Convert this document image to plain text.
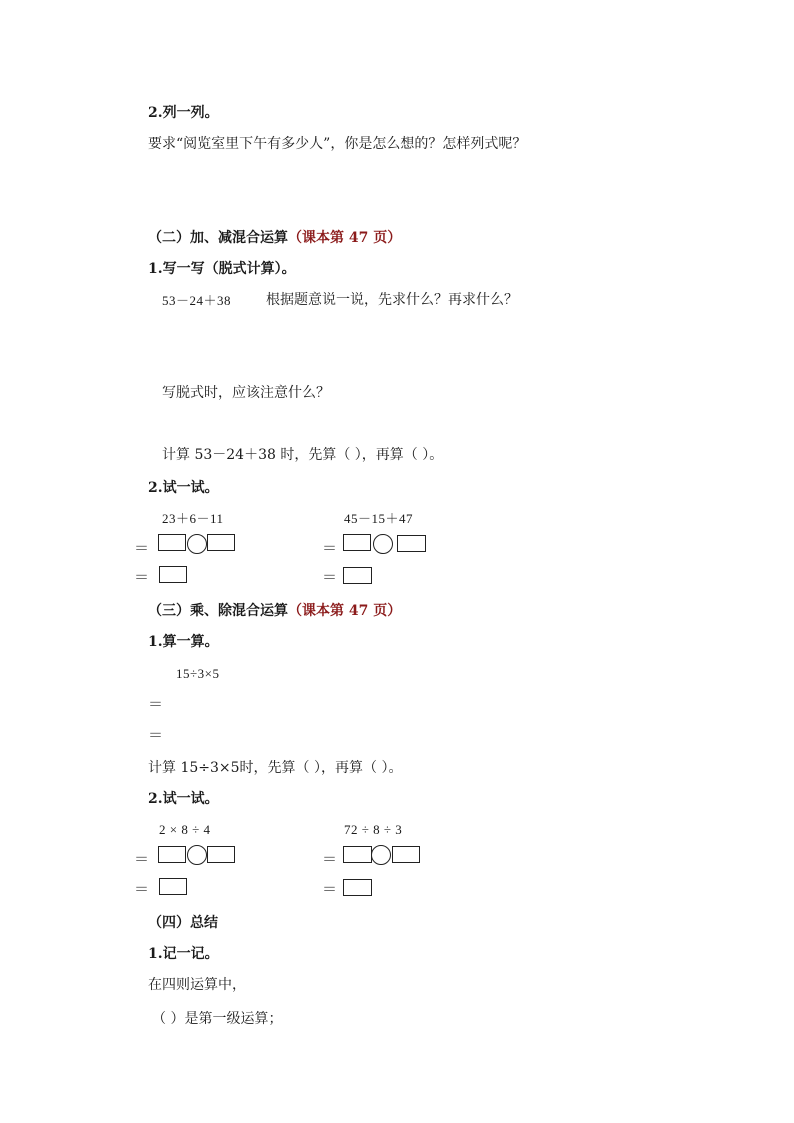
2.列一列。
要求“阅览室里下午有多少人”，你是怎么想的？怎样列式呢？
（二）加、减混合运算（课本第 47 页）
1.写一写（脱式计算）。
53－24＋38 根据题意说一说，先求什么？再求什么？
写脱式时，应该注意什么？
计算 53－24＋38 时，先算（ ），再算（ ）。
2.试一试。
23＋6－11	45－15＋47
＝	＝
＝	＝
（三）乘、除混合运算（课本第 47 页）
1.算一算。
15÷3×5
＝
＝
计算 15÷3×5时，先算（ ），再算（ ）。
2.试一试。
2 × 8 ÷ 4	72 ÷ 8 ÷ 3
＝	＝
＝	＝
（四）总结
1.记一记。
在四则运算中，
（ ）是第一级运算；
